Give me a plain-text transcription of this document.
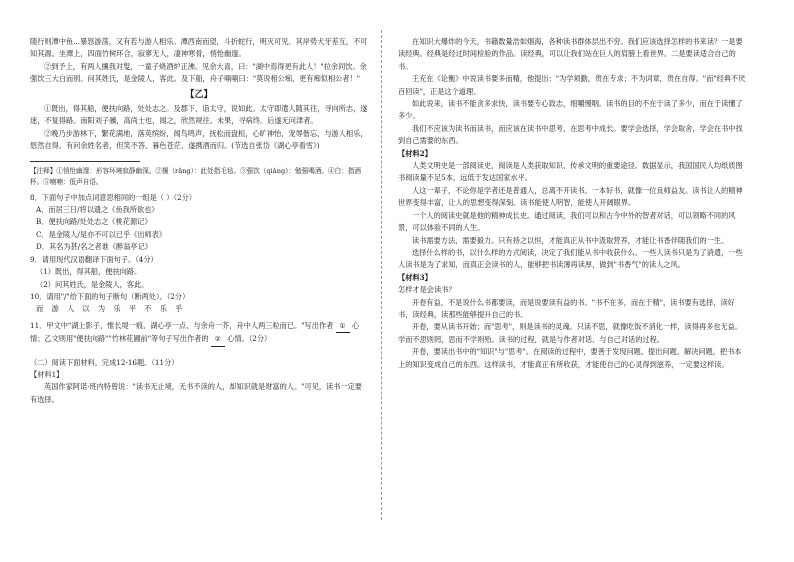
随行则潭中鱼...暴怒游荡，又有若与游人相乐。潭西南而望，斗折蛇行，明灭可见。其岸势犬牙差互，不可知其源。坐潭上，四面竹树环合，寂寥无人，凄神寒骨，悄怆幽邃。

②到予上，有两人攘我对叟，一童子烧酒炉正沸。见余大喜，曰："湖中焉得更有此人！"拉余同饮。余强饮三大白而别。问其姓氏，是金陵人，客此。及下船，舟子喃喃曰："莫说相公痴，更有痴似相公者！"

【乙】

①既出，得其船，便扶向路，处处志之。及郡下，诣太守，说如此。太守即遣人随其往，寻向所志，遂迷，不复得路。南阳刘子骥，高尚士也，闻之，欣然规往。未果，寻病终。后遂无问津者。

②晚乃步游林下，繁花满地，落英缤纷，闻鸟鸣声，抚松而盘桓，心旷神怡，宠辱偕忘，与游人相乐，悠然自得。有问余姓名者，但笑不答。暮色苍茫，遂携酒而归。(节选自张岱《湖心亭看雪》)

【注释】①悄怆幽邃：形容环境寂静幽深。②攘（rǎng）：此处指毛毡。③强饮（qiǎng）：勉强喝酒。④白：指酒杯。⑤喃喃：低声自语。

8．下面句子中加点词意思相同的一组是（ ）（2分）

A．而居三日/将以遗之《鱼我所欲也》

B．便扶向路/处处志之《桃花源记》

C．是金陵人/是亦不可以已乎《出师表》

D．其名为甚/名之者谁《醉翁亭记》

9．请用现代汉语翻译下面句子。（4分）

（1）既出，得其船，便扶向路。

（2）问其姓氏，是金陵人，客此。

10．请用"/"给下面的句子断句（断两处）。（2分）

而 游 人 以 为 乐 平 不 乐 乎

11．甲文中"湖上影子，惟长堤一痕、湖心亭一点、与余舟一芥，舟中人两三粒而已。"写出作者 ① 心情；乙文则用"便扶向路""竹林花圃前"等句子写出作者的 ② 心情。（2分）

（二）阅读下面材料，完成12-16题。（11分）

【材料1】

英国作家阿诺·班内特曾说："读书无止境，无书不读的人，却知识就是财富的人。"可见，读书一定要有选择。

在知识大爆炸的今天，书籍数量浩如烟海，各种读书群体层出不穷。我们应该选择怎样的书来读？一是要读经典。经典是经过时间检验的作品。读经典，可以让我们站在巨人的肩膀上看世界。二是要读适合自己的书。

王充在《论衡》中说读书要多而精，他提出："为学须勤，贵在专求；不为词章，贵在自得。"而"经典不厌百回读"，正是这个道理。

如此说来，读书不能贪多求快，读书要专心致志，细嚼慢咽。读书的目的不在于读了多少，而在于读懂了多少。

我们不应该为读书而读书，而应该在读书中思考，在思考中成长。要学会选择，学会取舍，学会在书中找到自己需要的东西。

【材料2】

人类文明史是一部阅读史，阅读是人类获取知识、传承文明的重要途径。数据显示，我国国民人均纸质图书阅读量不足5本，远低于发达国家水平。

人这一辈子，不论你是学者还是普通人，总离不开读书。一本好书，就像一位良师益友。读书让人的精神世界变得丰富，让人的思想变得深刻。读书能使人明智，能使人开阔眼界。

一个人的阅读史就是他的精神成长史。通过阅读，我们可以和古今中外的智者对话，可以领略不同的风景，可以体验不同的人生。

读书需要方法，需要毅力。只有持之以恒，才能真正从书中汲取营养，才能让书香伴随我们的一生。

选择什么样的书，以什么样的方式阅读，决定了我们能从书中收获什么。一些人读书只是为了消遣，一些人读书是为了求知，而真正会读书的人，能够把书读薄再读厚，做到"书香气"的读人之风。

【材料3】

怎样才是会读书？

开卷有益，不是说什么书都要读，而是说要读有益的书。"书不在多，而在于精"，读书要有选择，读好书，读经典，读那些能够提升自己的书。

开卷，要从读书开始；而"思考"，则是读书的灵魂。只读不思，就像吃饭不消化一样，读得再多也无益。学而不思则罔，思而不学则殆。读书的过程，就是与作者对话、与自己对话的过程。

开卷，要读出书中的"知识"与"思考"。在阅读的过程中，要善于发现问题、提出问题、解决问题，把书本上的知识变成自己的东西。这样读书，才能真正有所收获，才能使自己的心灵得到滋养，一定要这样读。
